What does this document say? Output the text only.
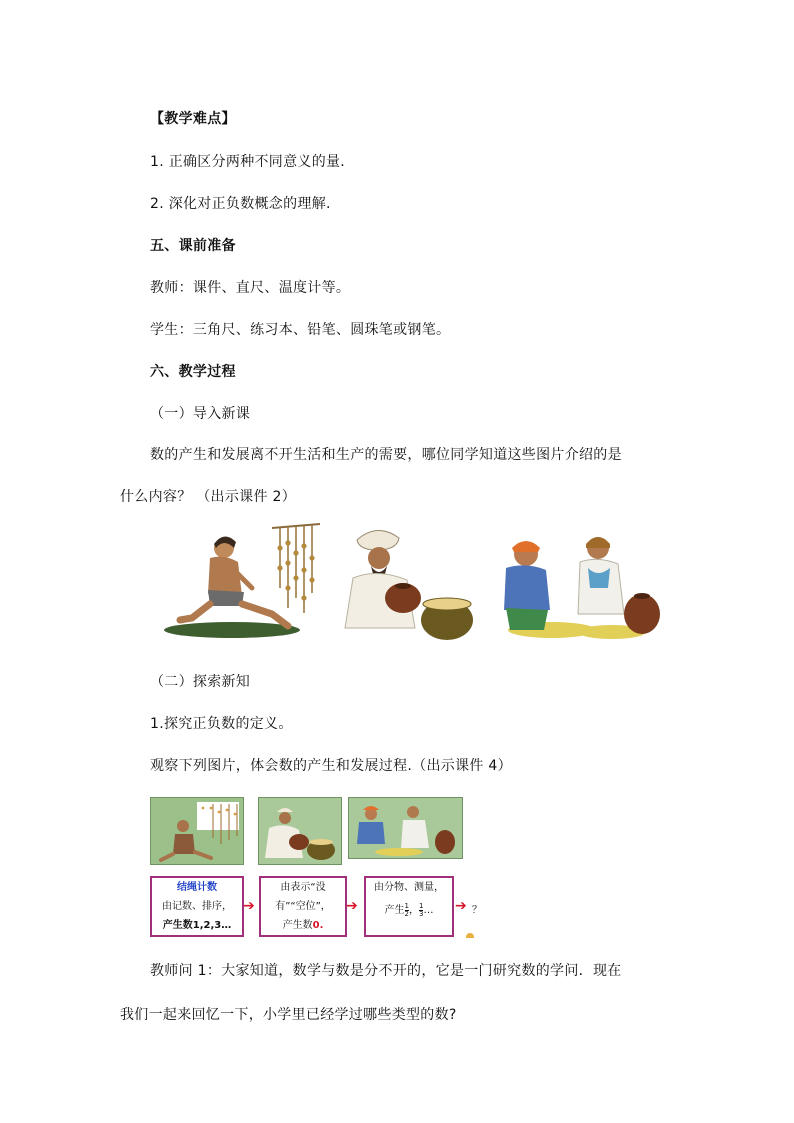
【教学难点】
1. 正确区分两种不同意义的量.
2. 深化对正负数概念的理解.
五、课前准备
教师：课件、直尺、温度计等。
学生：三角尺、练习本、铅笔、圆珠笔或钢笔。
六、教学过程
（一）导入新课
数的产生和发展离不开生活和生产的需要，哪位同学知道这些图片介绍的是
什么内容？ （出示课件 2）
（二）探索新知
1.探究正负数的定义。
观察下列图片，体会数的产生和发展过程.（出示课件 4）
结绳计数
由记数、排序，
产生数1,2,3…
➔
由表示“没
有”“空位”，
产生数0.
➔
由分物、测量，
产生 $\frac{1}{2}$ ， $\frac{1}{3}$ …	➔ ？
教师问 1：大家知道，数学与数是分不开的，它是一门研究数的学问．现在
我们一起来回忆一下，小学里已经学过哪些类型的数?
